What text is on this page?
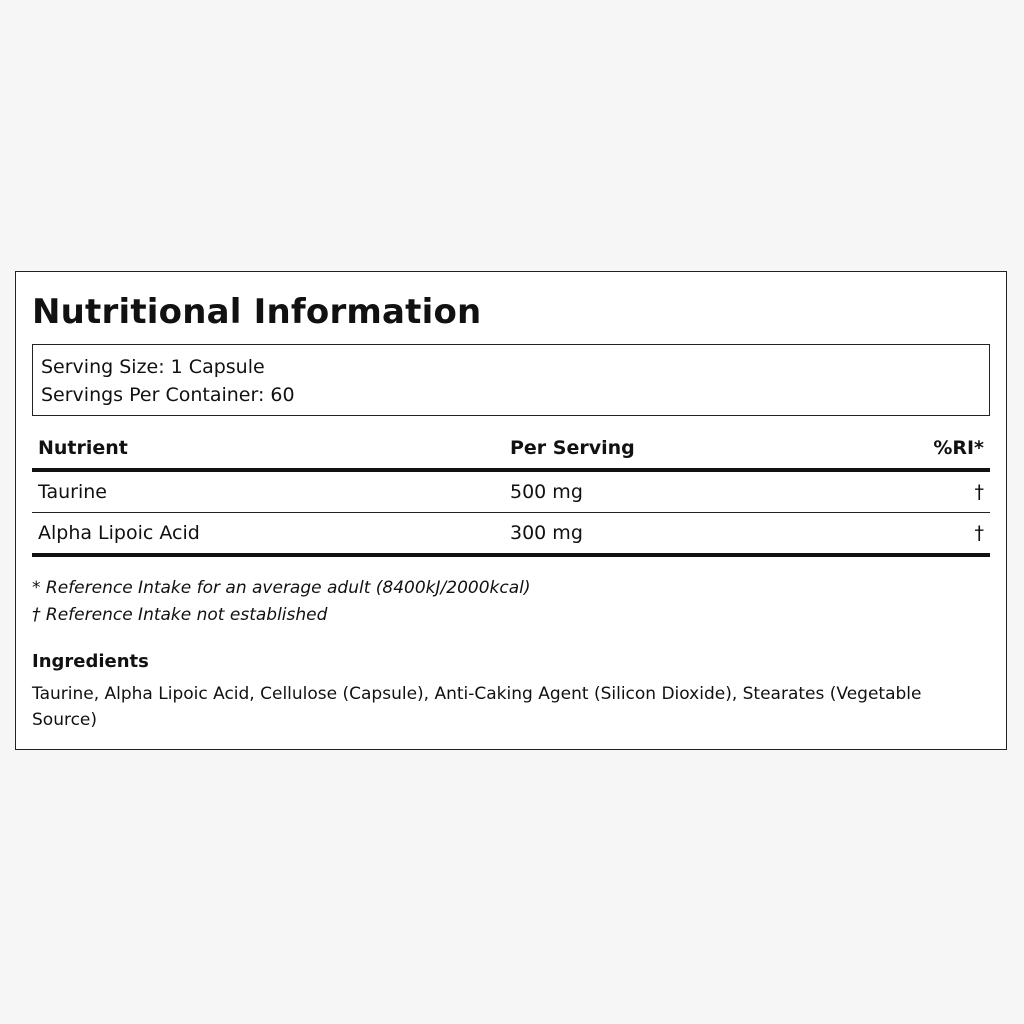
Nutritional Information
Serving Size: 1 Capsule
Servings Per Container: 60
Nutrient	Per Serving	%RI*
Taurine	500 mg	†
Alpha Lipoic Acid	300 mg	†
* Reference Intake for an average adult (8400kJ/2000kcal)
† Reference Intake not established
Ingredients
Taurine, Alpha Lipoic Acid, Cellulose (Capsule), Anti-Caking Agent (Silicon Dioxide), Stearates (Vegetable Source)
